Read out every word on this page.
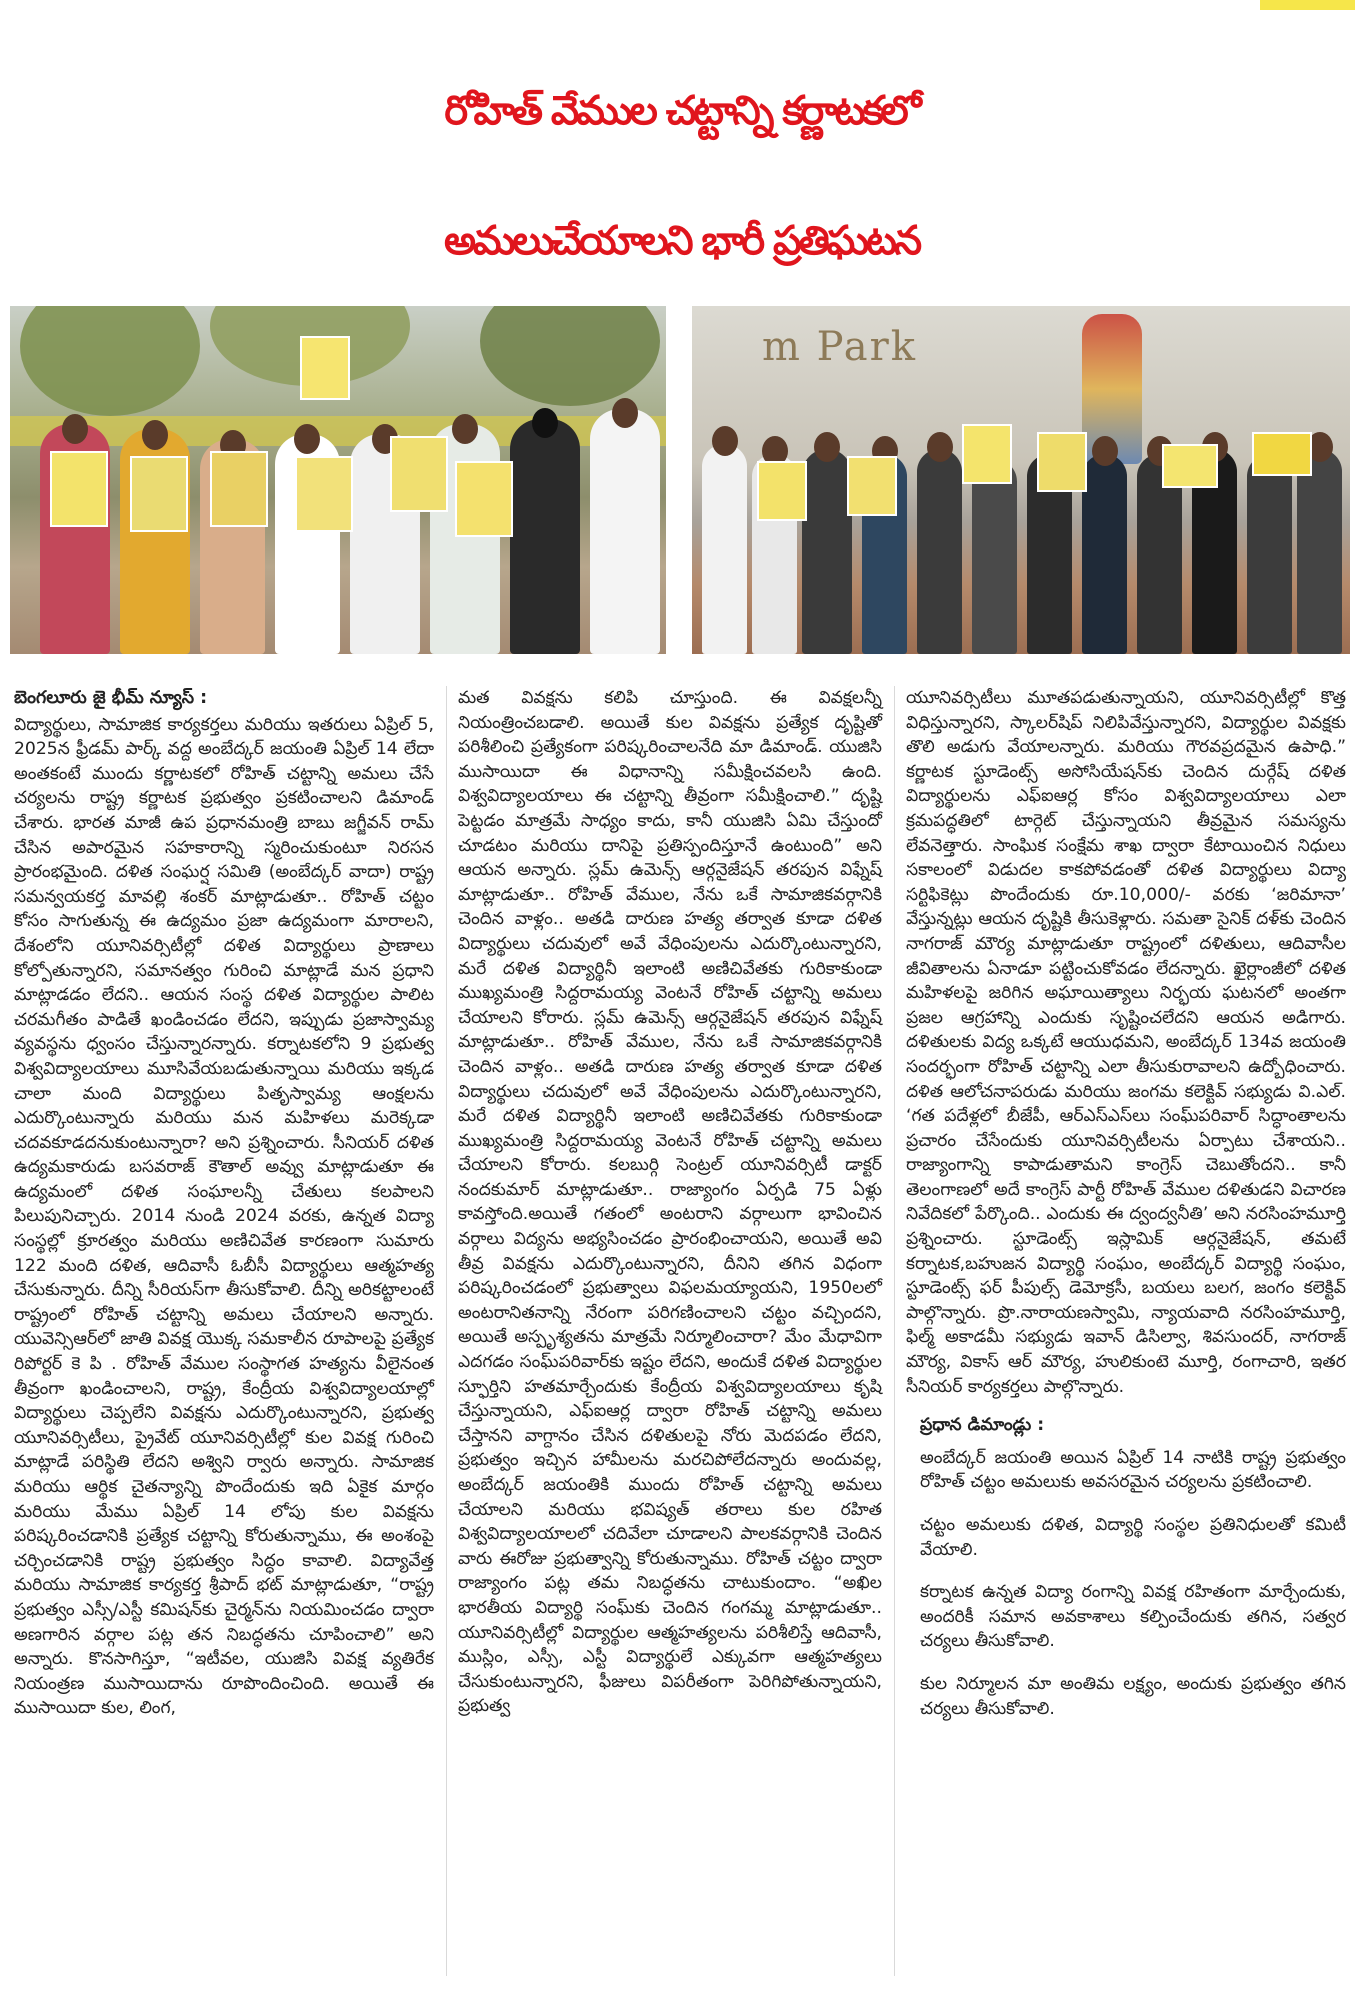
రోహిత్ వేముల చట్టాన్ని కర్ణాటకలో
అమలుచేయాలని భారీ ప్రతిఘటన
m Park

బెంగలూరు జై భీమ్ న్యూస్ :

విద్యార్థులు, సామాజిక కార్యకర్తలు మరియు ఇతరులు ఏప్రిల్ 5, 2025న ఫ్రీడమ్ పార్క్ వద్ద అంబేద్కర్ జయంతి ఏప్రిల్ 14 లేదా అంతకంటే ముందు కర్ణాటకలో రోహిత్ చట్టాన్ని అమలు చేసే చర్యలను రాష్ట్ర కర్ణాటక ప్రభుత్వం ప్రకటించాలని డిమాండ్ చేశారు. భారత మాజీ ఉప ప్రధానమంత్రి బాబు జగ్జీవన్ రామ్ చేసిన అపారమైన సహకారాన్ని స్మరించుకుంటూ నిరసన ప్రారంభమైంది. దళిత సంఘర్ష సమితి (అంబేద్కర్ వాదా) రాష్ట్ర సమన్వయకర్త మావల్లి శంకర్ మాట్లాడుతూ.. రోహిత్ చట్టం కోసం సాగుతున్న ఈ ఉద్యమం ప్రజా ఉద్యమంగా మారాలని, దేశంలోని యూనివర్సిటీల్లో దళిత విద్యార్థులు ప్రాణాలు కోల్పోతున్నారని, సమానత్వం గురించి మాట్లాడే మన ప్రధాని మాట్లాడడం లేదని.. ఆయన సంస్థ దళిత విద్యార్థుల పాలిట చరమగీతం పాడితే ఖండించడం లేదని, ఇప్పుడు ప్రజాస్వామ్య వ్యవస్థను ధ్వంసం చేస్తున్నారన్నారు. కర్నాటకలోని 9 ప్రభుత్వ విశ్వవిద్యాలయాలు మూసివేయబడుతున్నాయి మరియు ఇక్కడ చాలా మంది విద్యార్థులు పితృస్వామ్య ఆంక్షలను ఎదుర్కొంటున్నారు మరియు మన మహిళలు మరెక్కడా చదవకూడదనుకుంటున్నారా? అని ప్రశ్నించారు. సీనియర్ దళిత ఉద్యమకారుడు బసవరాజ్ కౌతాల్ అవ్వు మాట్లాడుతూ ఈ ఉద్యమంలో దళిత సంఘాలన్నీ చేతులు కలపాలని పిలుపునిచ్చారు. 2014 నుండి 2024 వరకు, ఉన్నత విద్యా సంస్థల్లో క్రూరత్వం మరియు అణిచివేత కారణంగా సుమారు 122 మంది దళిత, ఆదివాసీ ఓబీసీ విద్యార్థులు ఆత్మహత్య చేసుకున్నారు. దీన్ని సీరియస్‌గా తీసుకోవాలి. దీన్ని అరికట్టాలంటే రాష్ట్రంలో రోహిత్ చట్టాన్ని అమలు చేయాలని అన్నారు. యువెన్సిఆర్‌లో జాతి వివక్ష యొక్క సమకాలీన రూపాలపై ప్రత్యేక రిపోర్టర్ కె పి . రోహిత్ వేముల సంస్థాగత హత్యను వీలైనంత తీవ్రంగా ఖండించాలని, రాష్ట్ర, కేంద్రీయ విశ్వవిద్యాలయాల్లో విద్యార్థులు చెప్పలేని వివక్షను ఎదుర్కొంటున్నారని, ప్రభుత్వ యూనివర్సిటీలు, ప్రైవేట్ యూనివర్సిటీల్లో కుల వివక్ష గురించి మాట్లాడే పరిస్థితి లేదని అశ్విని ర్వారు అన్నారు. సామాజిక మరియు ఆర్థిక చైతన్యాన్ని పొందేందుకు ఇది ఏకైక మార్గం మరియు మేము ఏప్రిల్ 14 లోపు కుల వివక్షను పరిష్కరించడానికి ప్రత్యేక చట్టాన్ని కోరుతున్నాము, ఈ అంశంపై చర్చించడానికి రాష్ట్ర ప్రభుత్వం సిద్ధం కావాలి. విద్యావేత్త మరియు సామాజిక కార్యకర్త శ్రీపాద్ భట్ మాట్లాడుతూ, “రాష్ట్ర ప్రభుత్వం ఎస్సీ/ఎస్టీ కమిషన్‌కు చైర్మన్‌ను నియమించడం ద్వారా అణగారిన వర్గాల పట్ల తన నిబద్ధతను చూపించాలి” అని అన్నారు. కొనసాగిస్తూ, “ఇటీవల, యుజిసి వివక్ష వ్యతిరేక నియంత్రణ ముసాయిదాను రూపొందించింది. అయితే ఈ ముసాయిదా కుల, లింగ,

మత వివక్షను కలిపి చూస్తుంది. ఈ వివక్షలన్నీ నియంత్రించబడాలి. అయితే కుల వివక్షను ప్రత్యేక దృష్టితో పరిశీలించి ప్రత్యేకంగా పరిష్కరించాలనేది మా డిమాండ్. యుజిసి ముసాయిదా ఈ విధానాన్ని సమీక్షించవలసి ఉంది. విశ్వవిద్యాలయాలు ఈ చట్టాన్ని తీవ్రంగా సమీక్షించాలి.” దృష్టి పెట్టడం మాత్రమే సాధ్యం కాదు, కానీ యుజిసి ఏమి చేస్తుందో చూడటం మరియు దానిపై ప్రతిస్పందిస్తూనే ఉంటుంది” అని ఆయన అన్నారు. స్లమ్ ఉమెన్స్ ఆర్గనైజేషన్ తరపున విఫ్నేష్ మాట్లాడుతూ.. రోహిత్ వేముల, నేను ఒకే సామాజికవర్గానికి చెందిన వాళ్లం.. అతడి దారుణ హత్య తర్వాత కూడా దళిత విద్యార్థులు చదువులో అవే వేధింపులను ఎదుర్కొంటున్నారని, మరే దళిత విద్యార్థినీ ఇలాంటి అణిచివేతకు గురికాకుండా ముఖ్యమంత్రి సిద్దరామయ్య వెంటనే రోహిత్ చట్టాన్ని అమలు చేయాలని కోరారు. స్లమ్ ఉమెన్స్ ఆర్గనైజేషన్ తరపున విఫ్నేష్ మాట్లాడుతూ.. రోహిత్ వేముల, నేను ఒకే సామాజికవర్గానికి చెందిన వాళ్లం.. అతడి దారుణ హత్య తర్వాత కూడా దళిత విద్యార్థులు చదువులో అవే వేధింపులను ఎదుర్కొంటున్నారని, మరే దళిత విద్యార్థినీ ఇలాంటి అణిచివేతకు గురికాకుండా ముఖ్యమంత్రి సిద్దరామయ్య వెంటనే రోహిత్ చట్టాన్ని అమలు చేయాలని కోరారు. కలబుర్గి సెంట్రల్ యూనివర్సిటీ డాక్టర్ నందకుమార్ మాట్లాడుతూ.. రాజ్యాంగం ఏర్పడి 75 ఏళ్లు కావస్తోంది.అయితే గతంలో అంటరాని వర్గాలుగా భావించిన వర్గాలు విద్యను అభ్యసించడం ప్రారంభించాయని, అయితే అవి తీవ్ర వివక్షను ఎదుర్కొంటున్నారని, దీనిని తగిన విధంగా పరిష్కరించడంలో ప్రభుత్వాలు విఫలమయ్యాయని, 1950లలో అంటరానితనాన్ని నేరంగా పరిగణించాలని చట్టం వచ్చిందని, అయితే అస్పృశ్యతను మాత్రమే నిర్మూలించారా? మేం మేధావిగా ఎదగడం సంఘ్‌పరివార్‌కు ఇష్టం లేదని, అందుకే దళిత విద్యార్థుల స్ఫూర్తిని హతమార్చేందుకు కేంద్రీయ విశ్వవిద్యాలయాలు కృషి చేస్తున్నాయని, ఎఫ్ఐఆర్ల ద్వారా రోహిత్ చట్టాన్ని అమలు చేస్తానని వాగ్దానం చేసిన దళితులపై నోరు మెదపడం లేదని, ప్రభుత్వం ఇచ్చిన హామీలను మరచిపోలేదన్నారు అందువల్ల, అంబేద్కర్ జయంతికి ముందు రోహిత్ చట్టాన్ని అమలు చేయాలని మరియు భవిష్యత్ తరాలు కుల రహిత విశ్వవిద్యాలయాలలో చదివేలా చూడాలని పాలకవర్గానికి చెందిన వారు ఈరోజు ప్రభుత్వాన్ని కోరుతున్నాము. రోహిత్ చట్టం ద్వారా రాజ్యాంగం పట్ల తమ నిబద్ధతను చాటుకుందాం. “అఖిల భారతీయ విద్యార్థి సంఘ్‌కు చెందిన గంగమ్మ మాట్లాడుతూ.. యూనివర్సిటీల్లో విద్యార్థుల ఆత్మహత్యలను పరిశీలిస్తే ఆదివాసీ, ముస్లిం, ఎస్సీ, ఎస్టీ విద్యార్థులే ఎక్కువగా ఆత్మహత్యలు చేసుకుంటున్నారని, ఫీజులు విపరీతంగా పెరిగిపోతున్నాయని, ప్రభుత్వ

యూనివర్సిటీలు మూతపడుతున్నాయని, యూనివర్సిటీల్లో కొత్త విధిస్తున్నారని, స్కాలర్‌షిప్ నిలిపివేస్తున్నారని, విద్యార్థుల వివక్షకు తొలి అడుగు వేయాలన్నారు. మరియు గౌరవప్రదమైన ఉపాధి.” కర్ణాటక స్టూడెంట్స్ అసోసియేషన్‌కు చెందిన దుర్గేష్ దళిత విద్యార్థులను ఎఫ్ఐఆర్ల కోసం విశ్వవిద్యాలయాలు ఎలా క్రమపద్ధతిలో టార్గెట్ చేస్తున్నాయని తీవ్రమైన సమస్యను లేవనెత్తారు. సాంఘిక సంక్షేమ శాఖ ద్వారా కేటాయించిన నిధులు సకాలంలో విడుదల కాకపోవడంతో దళిత విద్యార్థులు విద్యా సర్టిఫికెట్లు పొందేందుకు రూ.10,000/- వరకు ‘జరిమానా’ వేస్తున్నట్లు ఆయన దృష్టికి తీసుకెళ్లారు. సమతా సైనిక్ దళ్‌కు చెందిన నాగరాజ్ మౌర్య మాట్లాడుతూ రాష్ట్రంలో దళితులు, ఆదివాసీల జీవితాలను ఏనాడూ పట్టించుకోవడం లేదన్నారు. ఖైర్లాంజీలో దళిత మహిళలపై జరిగిన అఘాయిత్యాలు నిర్భయ ఘటనలో అంతగా ప్రజల ఆగ్రహాన్ని ఎందుకు సృష్టించలేదని ఆయన అడిగారు. దళితులకు విద్య ఒక్కటే ఆయుధమని, అంబేద్కర్ 134వ జయంతి సందర్భంగా రోహిత్ చట్టాన్ని ఎలా తీసుకురావాలని ఉద్బోధించారు. దళిత ఆలోచనాపరుడు మరియు జంగమ కలెక్టివ్ సభ్యుడు వి.ఎల్. ‘గత పదేళ్లలో బీజేపీ, ఆర్ఎస్ఎస్‌లు సంఘ్‌పరివార్ సిద్ధాంతాలను ప్రచారం చేసేందుకు యూనివర్సిటీలను ఏర్పాటు చేశాయని.. రాజ్యాంగాన్ని కాపాడుతామని కాంగ్రెస్ చెబుతోందని.. కానీ తెలంగాణలో అదే కాంగ్రెస్ పార్టీ రోహిత్ వేముల దళితుడని విచారణ నివేదికలో పేర్కొంది.. ఎందుకు ఈ ద్వంద్వనీతి’ అని నరసింహమూర్తి ప్రశ్నించారు. స్టూడెంట్స్ ఇస్లామిక్ ఆర్గనైజేషన్, తమటే కర్నాటక,బహుజన విద్యార్థి సంఘం, అంబేద్కర్ విద్యార్థి సంఘం, స్టూడెంట్స్ ఫర్ పీపుల్స్ డెమోక్రసీ, బయలు బలగ, జంగం కలెక్టివ్ పాల్గొన్నారు. ప్రొ.నారాయణస్వామి, న్యాయవాది నరసింహమూర్తి, ఫిల్మ్ అకాడమీ సభ్యుడు ఇవాన్ డిసిల్వా, శివసుందర్, నాగరాజ్ మౌర్య, వికాస్ ఆర్ మౌర్య, హులికుంటె మూర్తి, రంగాచారి, ఇతర సీనియర్ కార్యకర్తలు పాల్గొన్నారు.

ప్రధాన డిమాండ్లు :

అంబేద్కర్ జయంతి అయిన ఏప్రిల్ 14 నాటికి రాష్ట్ర ప్రభుత్వం రోహిత్ చట్టం అమలుకు అవసరమైన చర్యలను ప్రకటించాలి.

చట్టం అమలుకు దళిత, విద్యార్థి సంస్థల ప్రతినిధులతో కమిటీ వేయాలి.

కర్నాటక ఉన్నత విద్యా రంగాన్ని వివక్ష రహితంగా మార్చేందుకు, అందరికీ సమాన అవకాశాలు కల్పించేందుకు తగిన, సత్వర చర్యలు తీసుకోవాలి.

కుల నిర్మూలన మా అంతిమ లక్ష్యం, అందుకు ప్రభుత్వం తగిన చర్యలు తీసుకోవాలి.
